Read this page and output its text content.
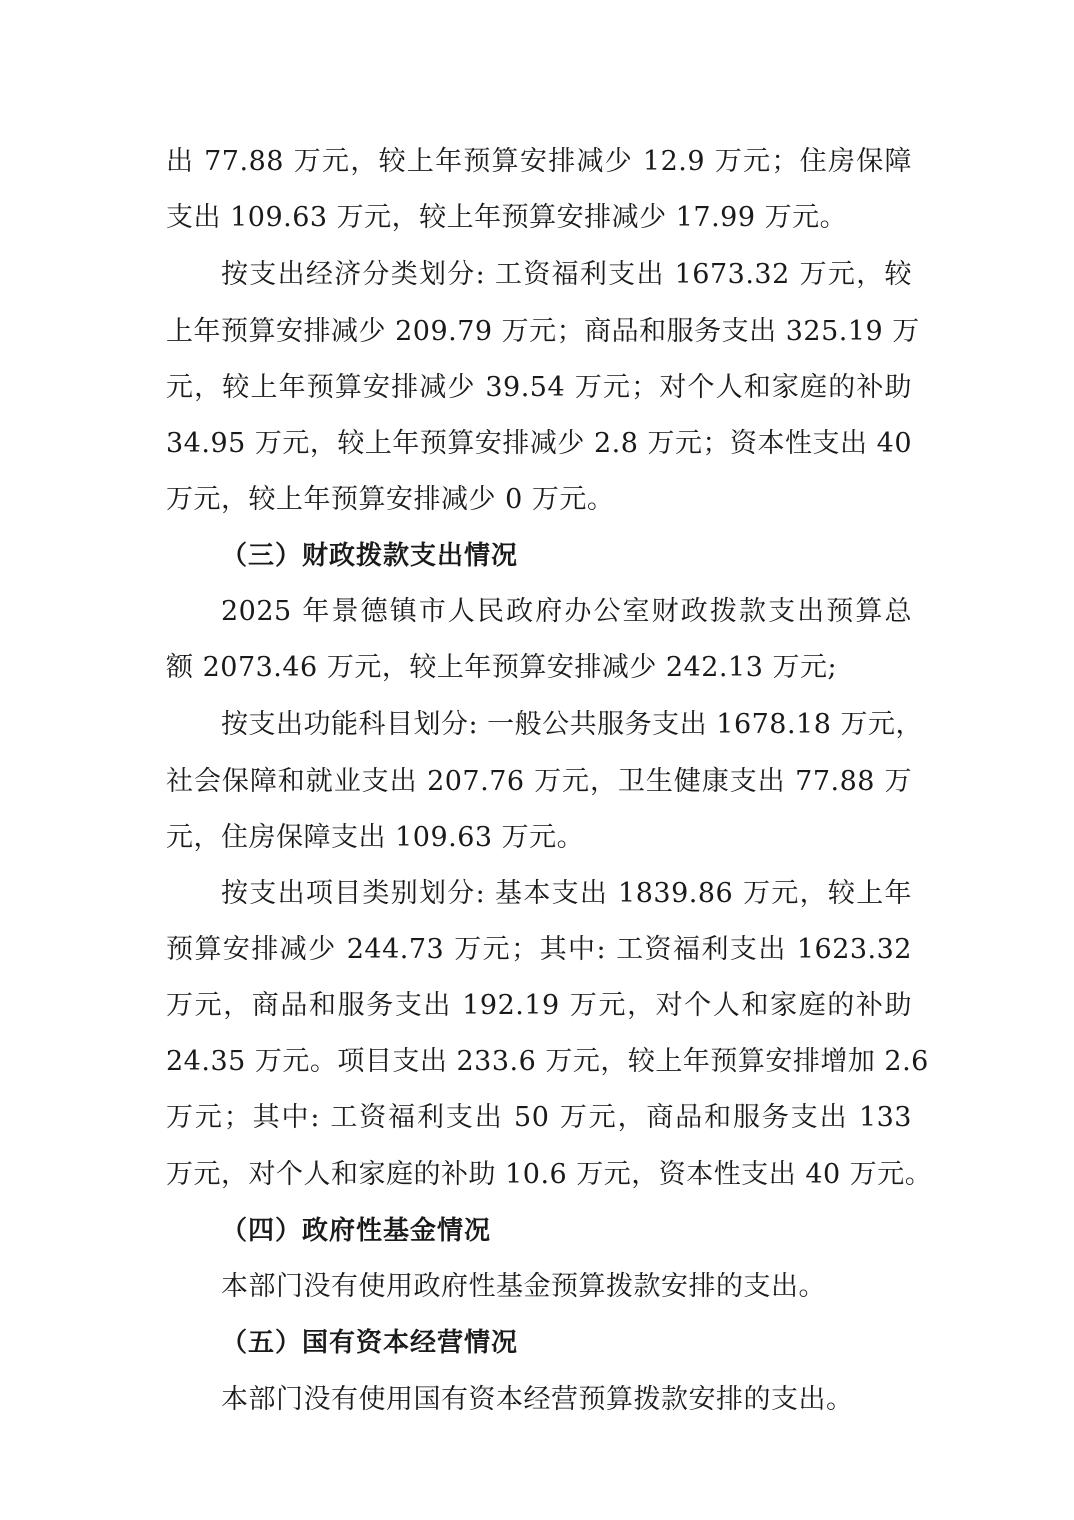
出 77.88 万元，较上年预算安排减少 12.9 万元；住房保障
支出 109.63 万元，较上年预算安排减少 17.99 万元。
按支出经济分类划分: 工资福利支出 1673.32 万元，较
上年预算安排减少 209.79 万元；商品和服务支出 325.19 万
元，较上年预算安排减少 39.54 万元；对个人和家庭的补助
34.95 万元，较上年预算安排减少 2.8 万元；资本性支出 40
万元，较上年预算安排减少 0 万元。
（三）财政拨款支出情况
2025 年景德镇市人民政府办公室财政拨款支出预算总
额 2073.46 万元，较上年预算安排减少 242.13 万元;
按支出功能科目划分: 一般公共服务支出 1678.18 万元，
社会保障和就业支出 207.76 万元，卫生健康支出 77.88 万
元，住房保障支出 109.63 万元。
按支出项目类别划分: 基本支出 1839.86 万元，较上年
预算安排减少 244.73 万元；其中: 工资福利支出 1623.32
万元，商品和服务支出 192.19 万元，对个人和家庭的补助
24.35 万元。项目支出 233.6 万元，较上年预算安排增加 2.6
万元；其中: 工资福利支出 50 万元，商品和服务支出 133
万元，对个人和家庭的补助 10.6 万元，资本性支出 40 万元。
（四）政府性基金情况
本部门没有使用政府性基金预算拨款安排的支出。
（五）国有资本经营情况
本部门没有使用国有资本经营预算拨款安排的支出。
